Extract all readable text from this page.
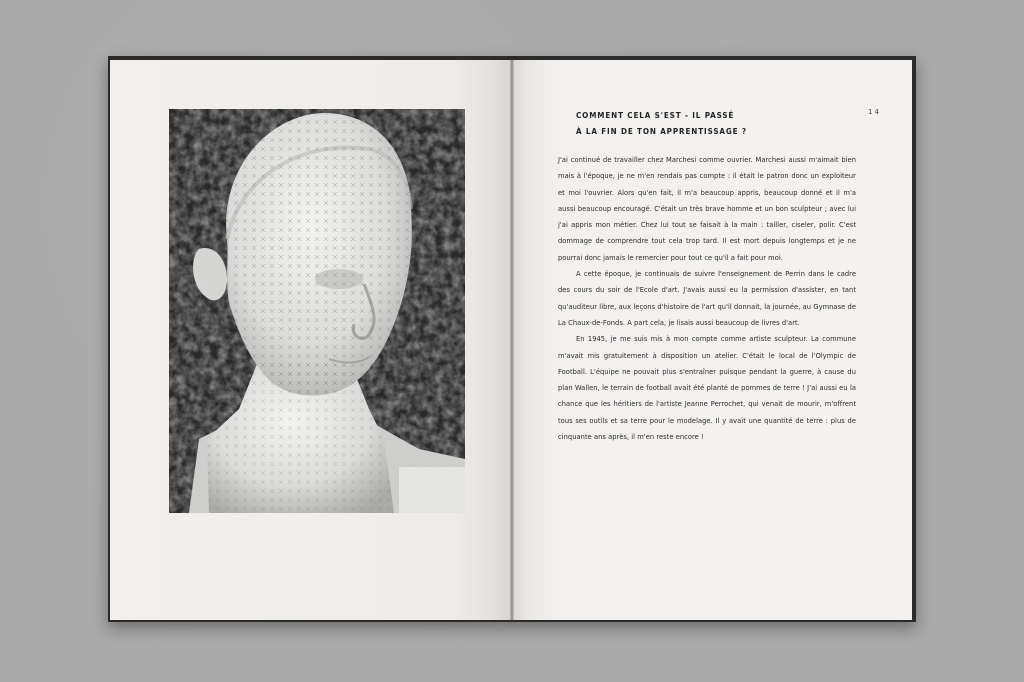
COMMENT CELA S'EST - IL PASSÉ
À LA FIN DE TON APPRENTISSAGE ?
14

J'ai continué de travailler chez Marchesi comme ouvrier. Marchesi aussi m'aimait bien mais à l'époque, je ne m'en rendais pas compte : il était le patron donc un exploiteur et moi l'ouvrier. Alors qu'en fait, il m'a beaucoup appris, beaucoup donné et il m'a aussi beaucoup encouragé. C'était un très brave homme et un bon sculpteur ; avec lui j'ai appris mon métier. Chez lui tout se faisait à la main : tailler, ciseler, polir. C'est dommage de comprendre tout cela trop tard. Il est mort depuis longtemps et je ne pourrai donc jamais le remercier pour tout ce qu'il a fait pour moi.

A cette époque, je continuais de suivre l'enseignement de Perrin dans le cadre des cours du soir de l'Ecole d'art. J'avais aussi eu la permission d'assister, en tant qu'auditeur libre, aux leçons d'histoire de l'art qu'il donnait, la journée, au Gymnase de La Chaux-de-Fonds. A part cela, je lisais aussi beaucoup de livres d'art.

En 1945, je me suis mis à mon compte comme artiste sculpteur. La commune m'avait mis gratuitement à disposition un atelier. C'était le local de l'Olympic de Football. L'équipe ne pouvait plus s'entraîner puisque pendant la guerre, à cause du plan Wallen, le terrain de football avait été planté de pommes de terre ! J'ai aussi eu la chance que les héritiers de l'artiste Jeanne Perrochet, qui venait de mourir, m'offrent tous ses outils et sa terre pour le modelage. Il y avait une quantité de terre : plus de cinquante ans après, il m'en reste encore !
